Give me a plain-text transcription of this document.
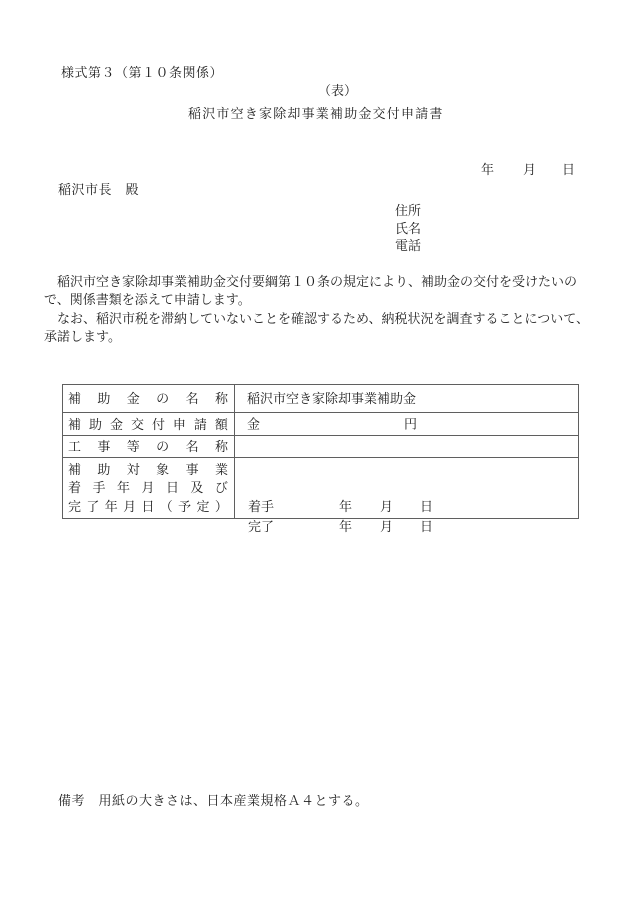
様式第３（第１０条関係）
（表）
稲沢市空き家除却事業補助金交付申請書
年 月 日
稲沢市長　殿
住所
氏名
電話
　稲沢市空き家除却事業補助金交付要綱第１０条の規定により、補助金の交付を受けたいの
で、関係書類を添えて申請します。
　なお、稲沢市税を滞納していないことを確認するため、納税状況を調査することについて、
承諾します。
補 助 金 の 名 称	稲沢市空き家除却事業補助金

補 助 金 交 付 申 請 額	金	円

工 事 等 の 名 称

補 助 対 象 事 業
着 手 年 月 日 及 び
完 了 年 月 日 （ 予 定 ）	着手	年 月 日
完了	年 月 日
備考　用紙の大きさは、日本産業規格Ａ４とする。
